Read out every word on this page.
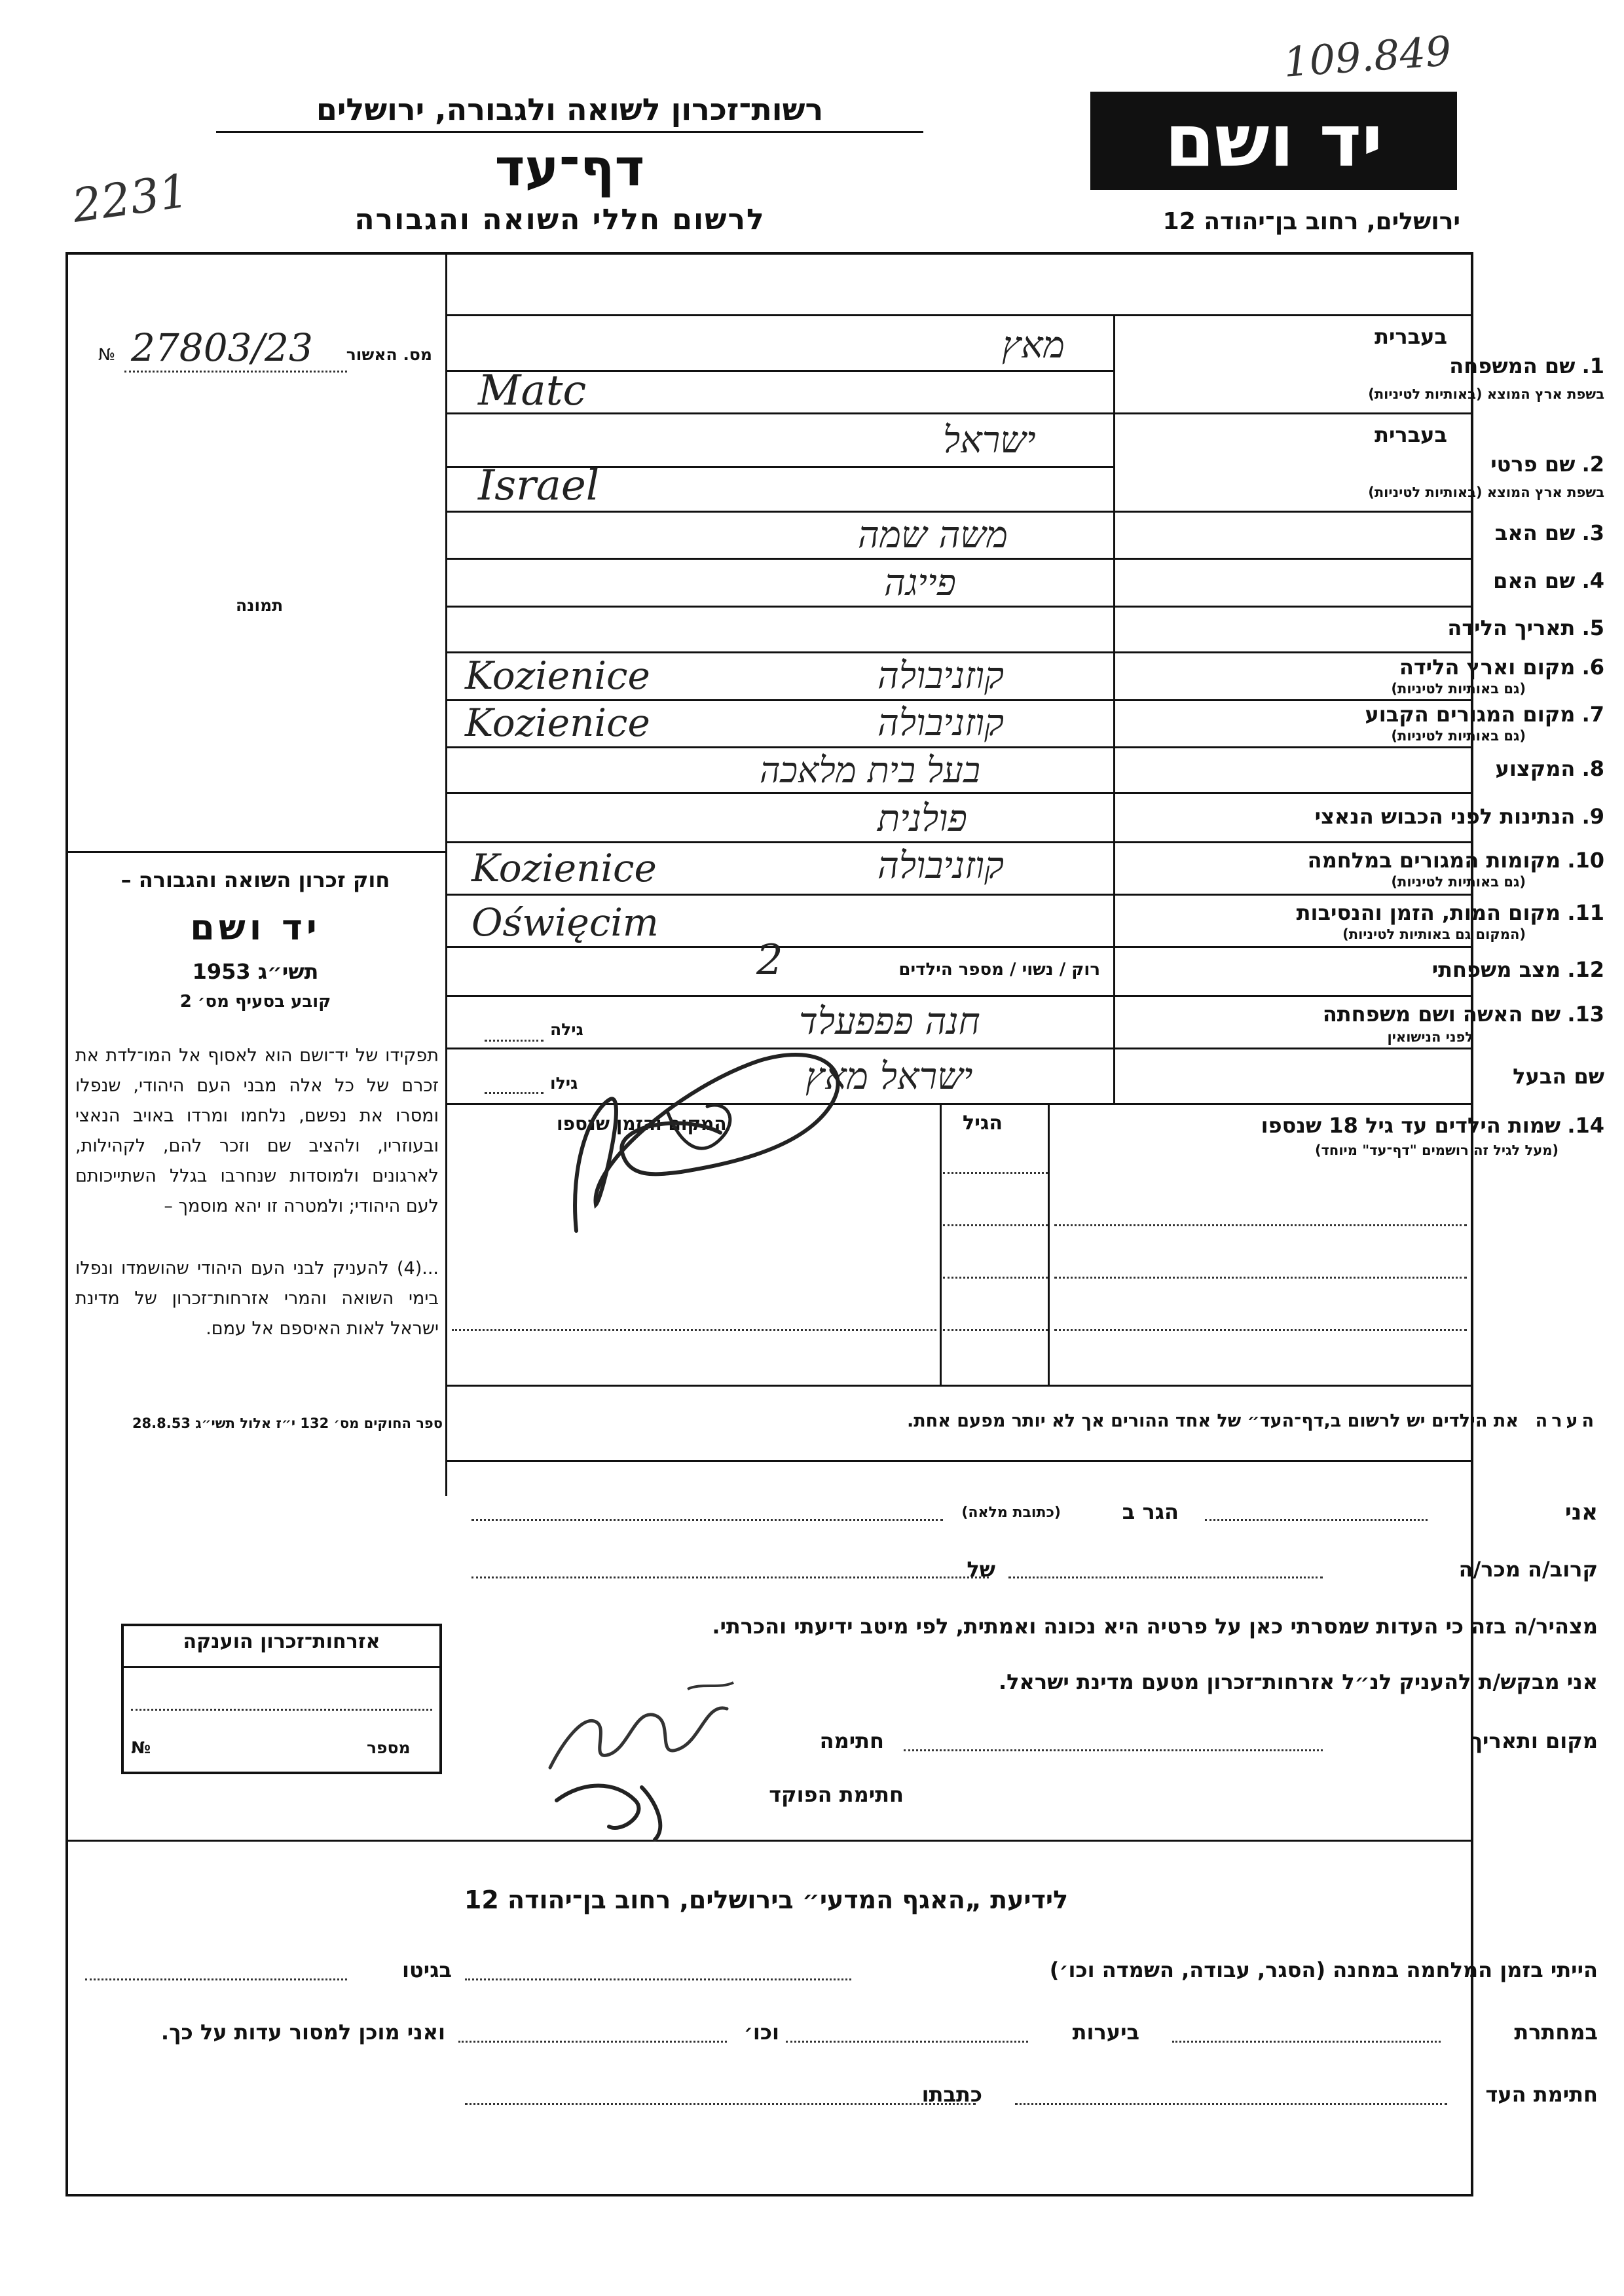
109.849
2231
רשות־זכרון לשואה ולגבורה, ירושלים
דף־עד
לרשום חללי השואה והגבורה
יד ושם
ירושלים, רחוב בן־יהודה 12
מס. האשור
27803/23
№
תמונה
חוק זכרון השואה והגבורה –
יד ושם
תשי״ג 1953
קובע בסעיף מס׳ 2
תפקידו של יד־ושם הוא לאסוף אל המו־לדת את זכרם של כל אלה מבני העם היהודי, שנפלו ומסרו את נפשם, נלחמו ומרדו באויב הנאצי ובעוזריו, ולהציב שם וזכר להם, לקהילות, לארגונים ולמוסדות שנחרבו בגלל השתייכותם לעם היהודי; ולמטרה זו יהא מוסמך –
...(4) להעניק לבני העם היהודי שהושמדו ונפלו בימי השואה והמרי אזרחות־זכרון של מדינת ישראל לאות האיספם אל עמם.
ספר החוקים מס׳ 132 י״ז אלול תשי״ג 28.8.53
בעברית
1. שם המשפחה
בשפת ארץ המוצא (באותיות לטיניות)
מאץ
Matc
בעברית
2. שם פרטי
בשפת ארץ המוצא (באותיות לטיניות)
ישראל
Israel
3. שם האב
משה שמה
4. שם האם
פייגה
5. תאריך הלידה
6. מקום וארץ הלידה
(גם באותיות לטיניות)
קוזניבולה
Kozienice
7. מקום המגורים הקבוע
(גם באותיות לטיניות)
קוזניבולה
Kozienice
8. המקצוע
בעל בית מלאכה
9. הנתינות לפני הכבוש הנאצי
פולנית
10. מקומות המגורים במלחמה
(גם באותיות לטיניות)
קוזניבולה
Kozienice
11. מקום המות, הזמן והנסיבות
(המקום גם באותיות לטיניות)
Oświęcim
12. מצב משפחתי
רוק / נשוי / מספר הילדים
2
13. שם האשה ושם משפחתה
לפני הנישואין
חנה פפפעלד
גילה
שם הבעל
ישראל מאץ
גילו
14. שמות הילדים עד גיל 18 שנספו
(מעל לגיל זה רושמים "דף־עד" מיוחד)
הגיל
המקום והזמן שנספו
הערה   את הילדים יש לרשום ב,דף־העד״ של אחד ההורים אך לא יותר מפעם אחת.
אני
הגר ב
(כתובת מלאה)
קרוב/ה מכר/ה
של
מצהיר/ה בזה כי העדות שמסרתי כאן על פרטיה היא נכונה ואמתית, לפי מיטב ידיעתי והכרתי.
אני מבקש/ת להעניק לנ״ל אזרחות־זכרון מטעם מדינת ישראל.
מקום ותאריך
חתימה
חתימת הפוקד
אזרחות־זכרון הוענקה
מספר
№
לידיעת „האגף המדעי״ בירושלים, רחוב בן־יהודה 12
הייתי בזמן המלחמה במחנה (הסגר, עבודה, השמדה וכו׳)
בגיטו
במחתרת
ביערות
וכו׳
ואני מוכן למסור עדות על כך.
חתימת העד
כתבתו
